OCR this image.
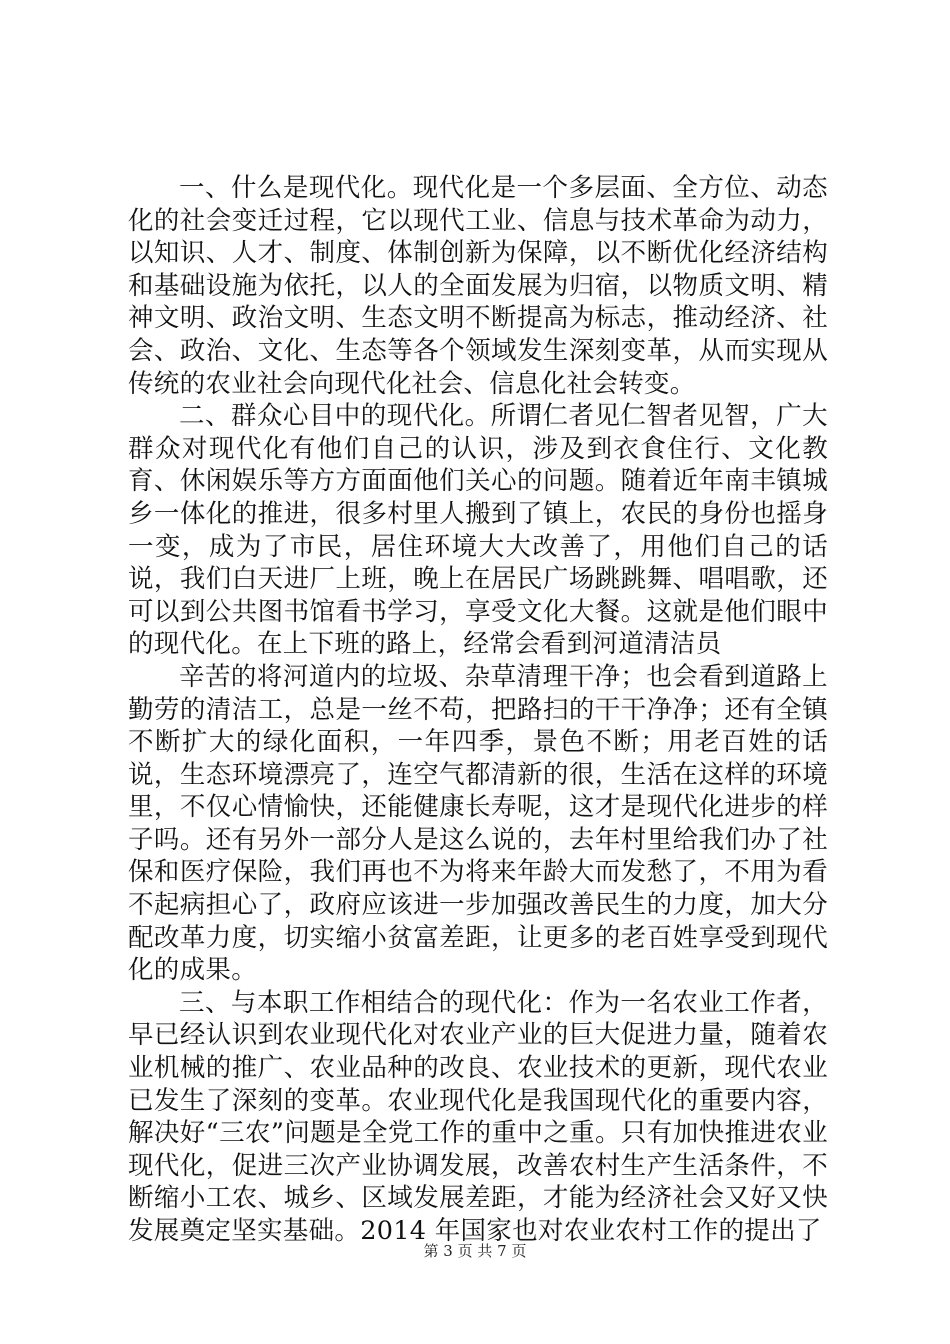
一、什么是现代化。现代化是一个多层面、全方位、动态化的社会变迁过程，它以现代工业、信息与技术革命为动力，以知识、人才、制度、体制创新为保障，以不断优化经济结构和基础设施为依托，以人的全面发展为归宿，以物质文明、精神文明、政治文明、生态文明不断提高为标志，推动经济、社会、政治、文化、生态等各个领域发生深刻变革，从而实现从传统的农业社会向现代化社会、信息化社会转变。

二、群众心目中的现代化。所谓仁者见仁智者见智，广大群众对现代化有他们自己的认识，涉及到衣食住行、文化教育、休闲娱乐等方方面面他们关心的问题。随着近年南丰镇城乡一体化的推进，很多村里人搬到了镇上，农民的身份也摇身一变，成为了市民，居住环境大大改善了，用他们自己的话说，我们白天进厂上班，晚上在居民广场跳跳舞、唱唱歌，还可以到公共图书馆看书学习，享受文化大餐。这就是他们眼中的现代化。在上下班的路上，经常会看到河道清洁员

辛苦的将河道内的垃圾、杂草清理干净；也会看到道路上勤劳的清洁工，总是一丝不苟，把路扫的干干净净；还有全镇不断扩大的绿化面积，一年四季，景色不断；用老百姓的话说，生态环境漂亮了，连空气都清新的很，生活在这样的环境里，不仅心情愉快，还能健康长寿呢，这才是现代化进步的样子吗。还有另外一部分人是这么说的，去年村里给我们办了社保和医疗保险，我们再也不为将来年龄大而发愁了，不用为看不起病担心了，政府应该进一步加强改善民生的力度，加大分配改革力度，切实缩小贫富差距，让更多的老百姓享受到现代化的成果。

三、与本职工作相结合的现代化：作为一名农业工作者，早已经认识到农业现代化对农业产业的巨大促进力量，随着农业机械的推广、农业品种的改良、农业技术的更新，现代农业已发生了深刻的变革。农业现代化是我国现代化的重要内容，解决好“三农”问题是全党工作的重中之重。只有加快推进农业现代化，促进三次产业协调发展，改善农村生产生活条件，不断缩小工农、城乡、区域发展差距，才能为经济社会又好又快发展奠定坚实基础。2014 年国家也对农业农村工作的提出了

第 3 页 共 7 页
